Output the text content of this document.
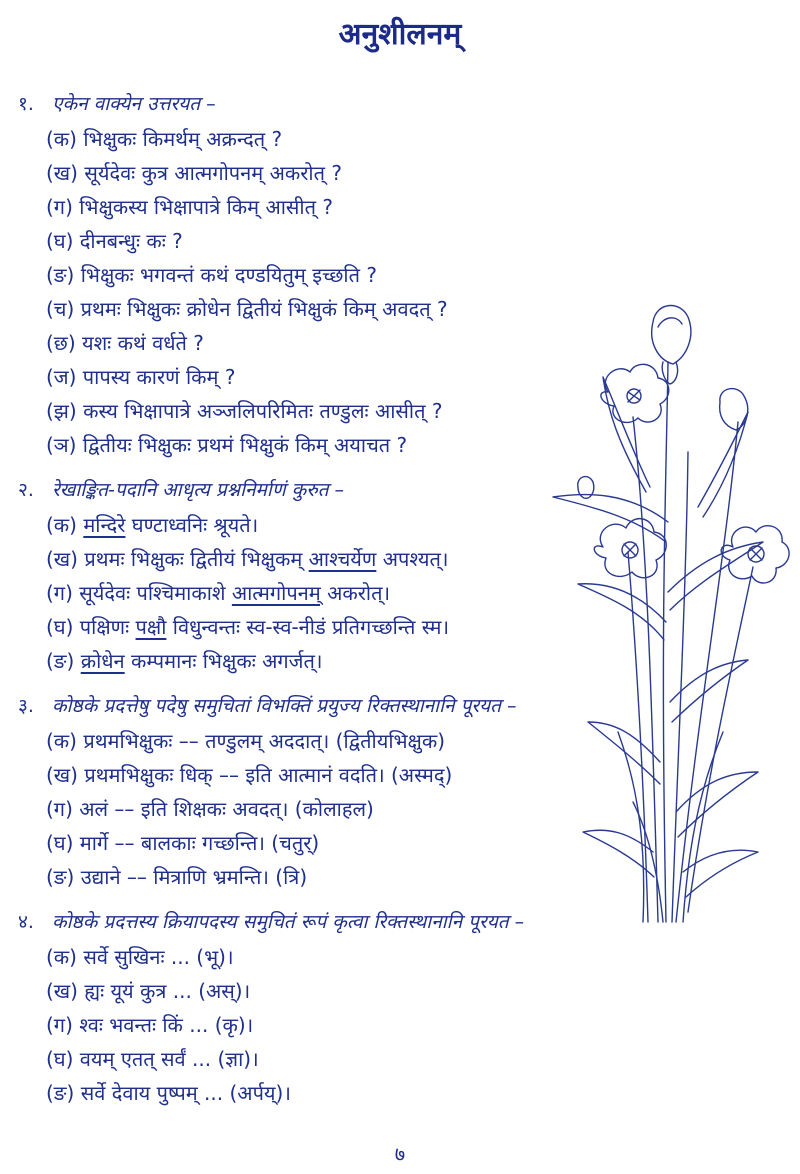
अनुशीलनम्
१. एकेन वाक्येन उत्तरयत –
(क) भिक्षुकः किमर्थम् अक्रन्दत् ?
(ख) सूर्यदेवः कुत्र आत्मगोपनम् अकरोत् ?
(ग) भिक्षुकस्य भिक्षापात्रे किम् आसीत् ?
(घ) दीनबन्धुः कः ?
(ङ) भिक्षुकः भगवन्तं कथं दण्डयितुम् इच्छति ?
(च) प्रथमः भिक्षुकः क्रोधेन द्वितीयं भिक्षुकं किम् अवदत् ?
(छ) यशः कथं वर्धते ?
(ज) पापस्य कारणं किम् ?
(झ) कस्य भिक्षापात्रे अञ्जलिपरिमितः तण्डुलः आसीत् ?
(ञ) द्वितीयः भिक्षुकः प्रथमं भिक्षुकं किम् अयाचत ?
२. रेखाङ्कित-पदानि आधृत्य प्रश्ननिर्माणं कुरुत –
(क) मन्दिरे घण्टाध्वनिः श्रूयते।
(ख) प्रथमः भिक्षुकः द्वितीयं भिक्षुकम् आश्चर्येण अपश्यत्।
(ग) सूर्यदेवः पश्चिमाकाशे आत्मगोपनम् अकरोत्।
(घ) पक्षिणः पक्षौ विधुन्वन्तः स्व-स्व-नीडं प्रतिगच्छन्ति स्म।
(ङ) क्रोधेन कम्पमानः भिक्षुकः अगर्जत्।
३. कोष्ठके प्रदत्तेषु पदेषु समुचितां विभक्तिं प्रयुज्य रिक्तस्थानानि पूरयत –
(क) प्रथमभिक्षुकः –– तण्डुलम् अददात्। (द्वितीयभिक्षुक)
(ख) प्रथमभिक्षुकः धिक् –– इति आत्मानं वदति। (अस्मद्)
(ग) अलं –– इति शिक्षकः अवदत्। (कोलाहल)
(घ) मार्गे –– बालकाः गच्छन्ति। (चतुर्)
(ङ) उद्याने –– मित्राणि भ्रमन्ति। (त्रि)
४. कोष्ठके प्रदत्तस्य क्रियापदस्य समुचितं रूपं कृत्वा रिक्तस्थानानि पूरयत –
(क) सर्वे सुखिनः ... (भू)।
(ख) ह्यः यूयं कुत्र ... (अस्)।
(ग) श्वः भवन्तः किं ... (कृ)।
(घ) वयम् एतत् सर्वं ... (ज्ञा)।
(ङ) सर्वे देवाय पुष्पम् ... (अर्पय्)।
७
